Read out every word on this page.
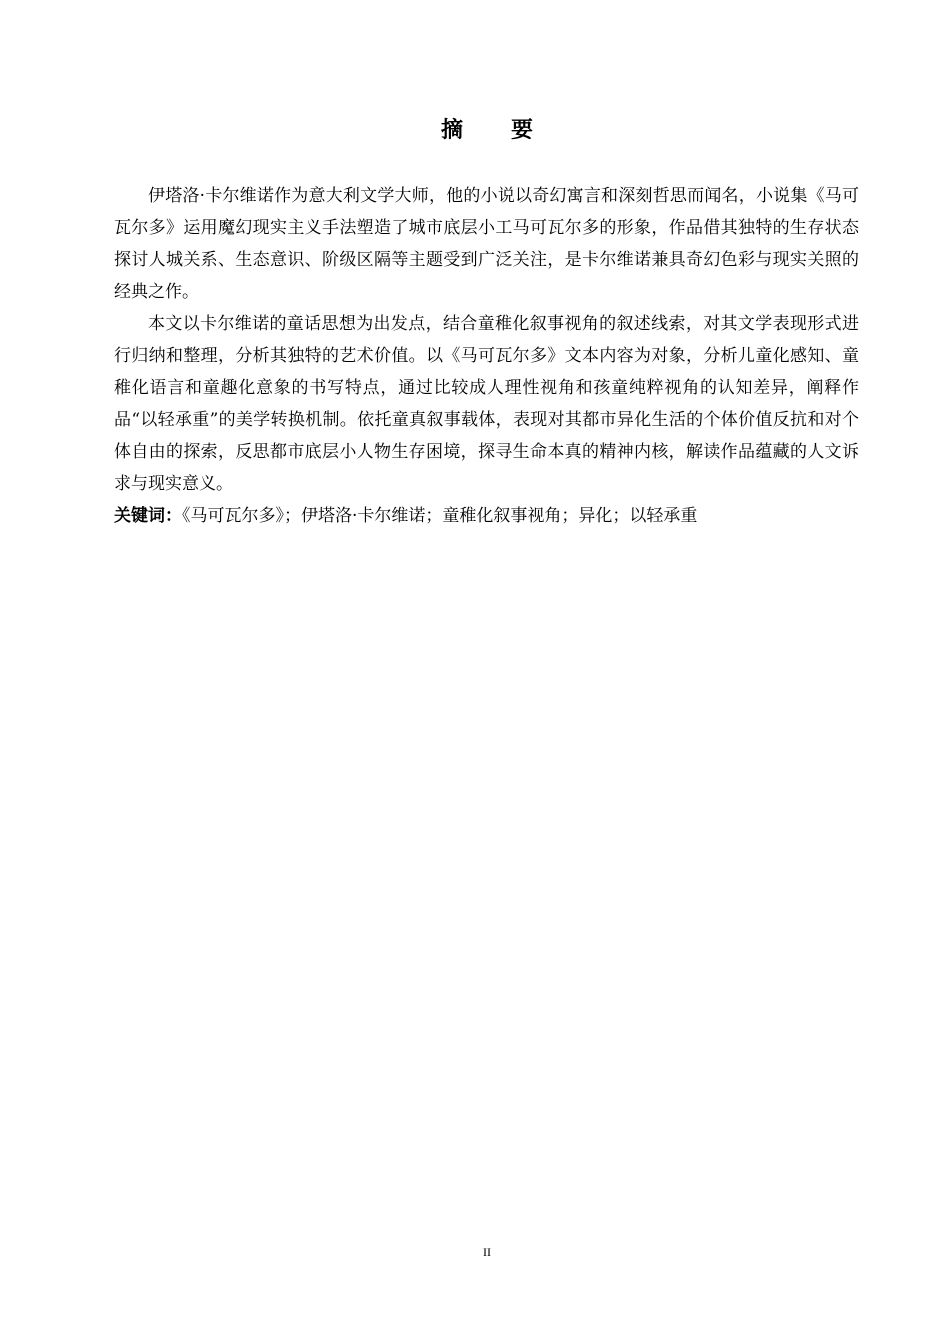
摘 要

伊塔洛·卡尔维诺作为意大利文学大师，他的小说以奇幻寓言和深刻哲思而闻名，小说集《马可瓦尔多》运用魔幻现实主义手法塑造了城市底层小工马可瓦尔多的形象，作品借其独特的生存状态探讨人城关系、生态意识、阶级区隔等主题受到广泛关注，是卡尔维诺兼具奇幻色彩与现实关照的经典之作。

本文以卡尔维诺的童话思想为出发点，结合童稚化叙事视角的叙述线索，对其文学表现形式进行归纳和整理，分析其独特的艺术价值。以《马可瓦尔多》文本内容为对象，分析儿童化感知、童稚化语言和童趣化意象的书写特点，通过比较成人理性视角和孩童纯粹视角的认知差异，阐释作品“以轻承重”的美学转换机制。依托童真叙事载体，表现对其都市异化生活的个体价值反抗和对个体自由的探索，反思都市底层小人物生存困境，探寻生命本真的精神内核，解读作品蕴藏的人文诉求与现实意义。

关键词：《马可瓦尔多》；伊塔洛·卡尔维诺；童稚化叙事视角；异化；以轻承重

II
